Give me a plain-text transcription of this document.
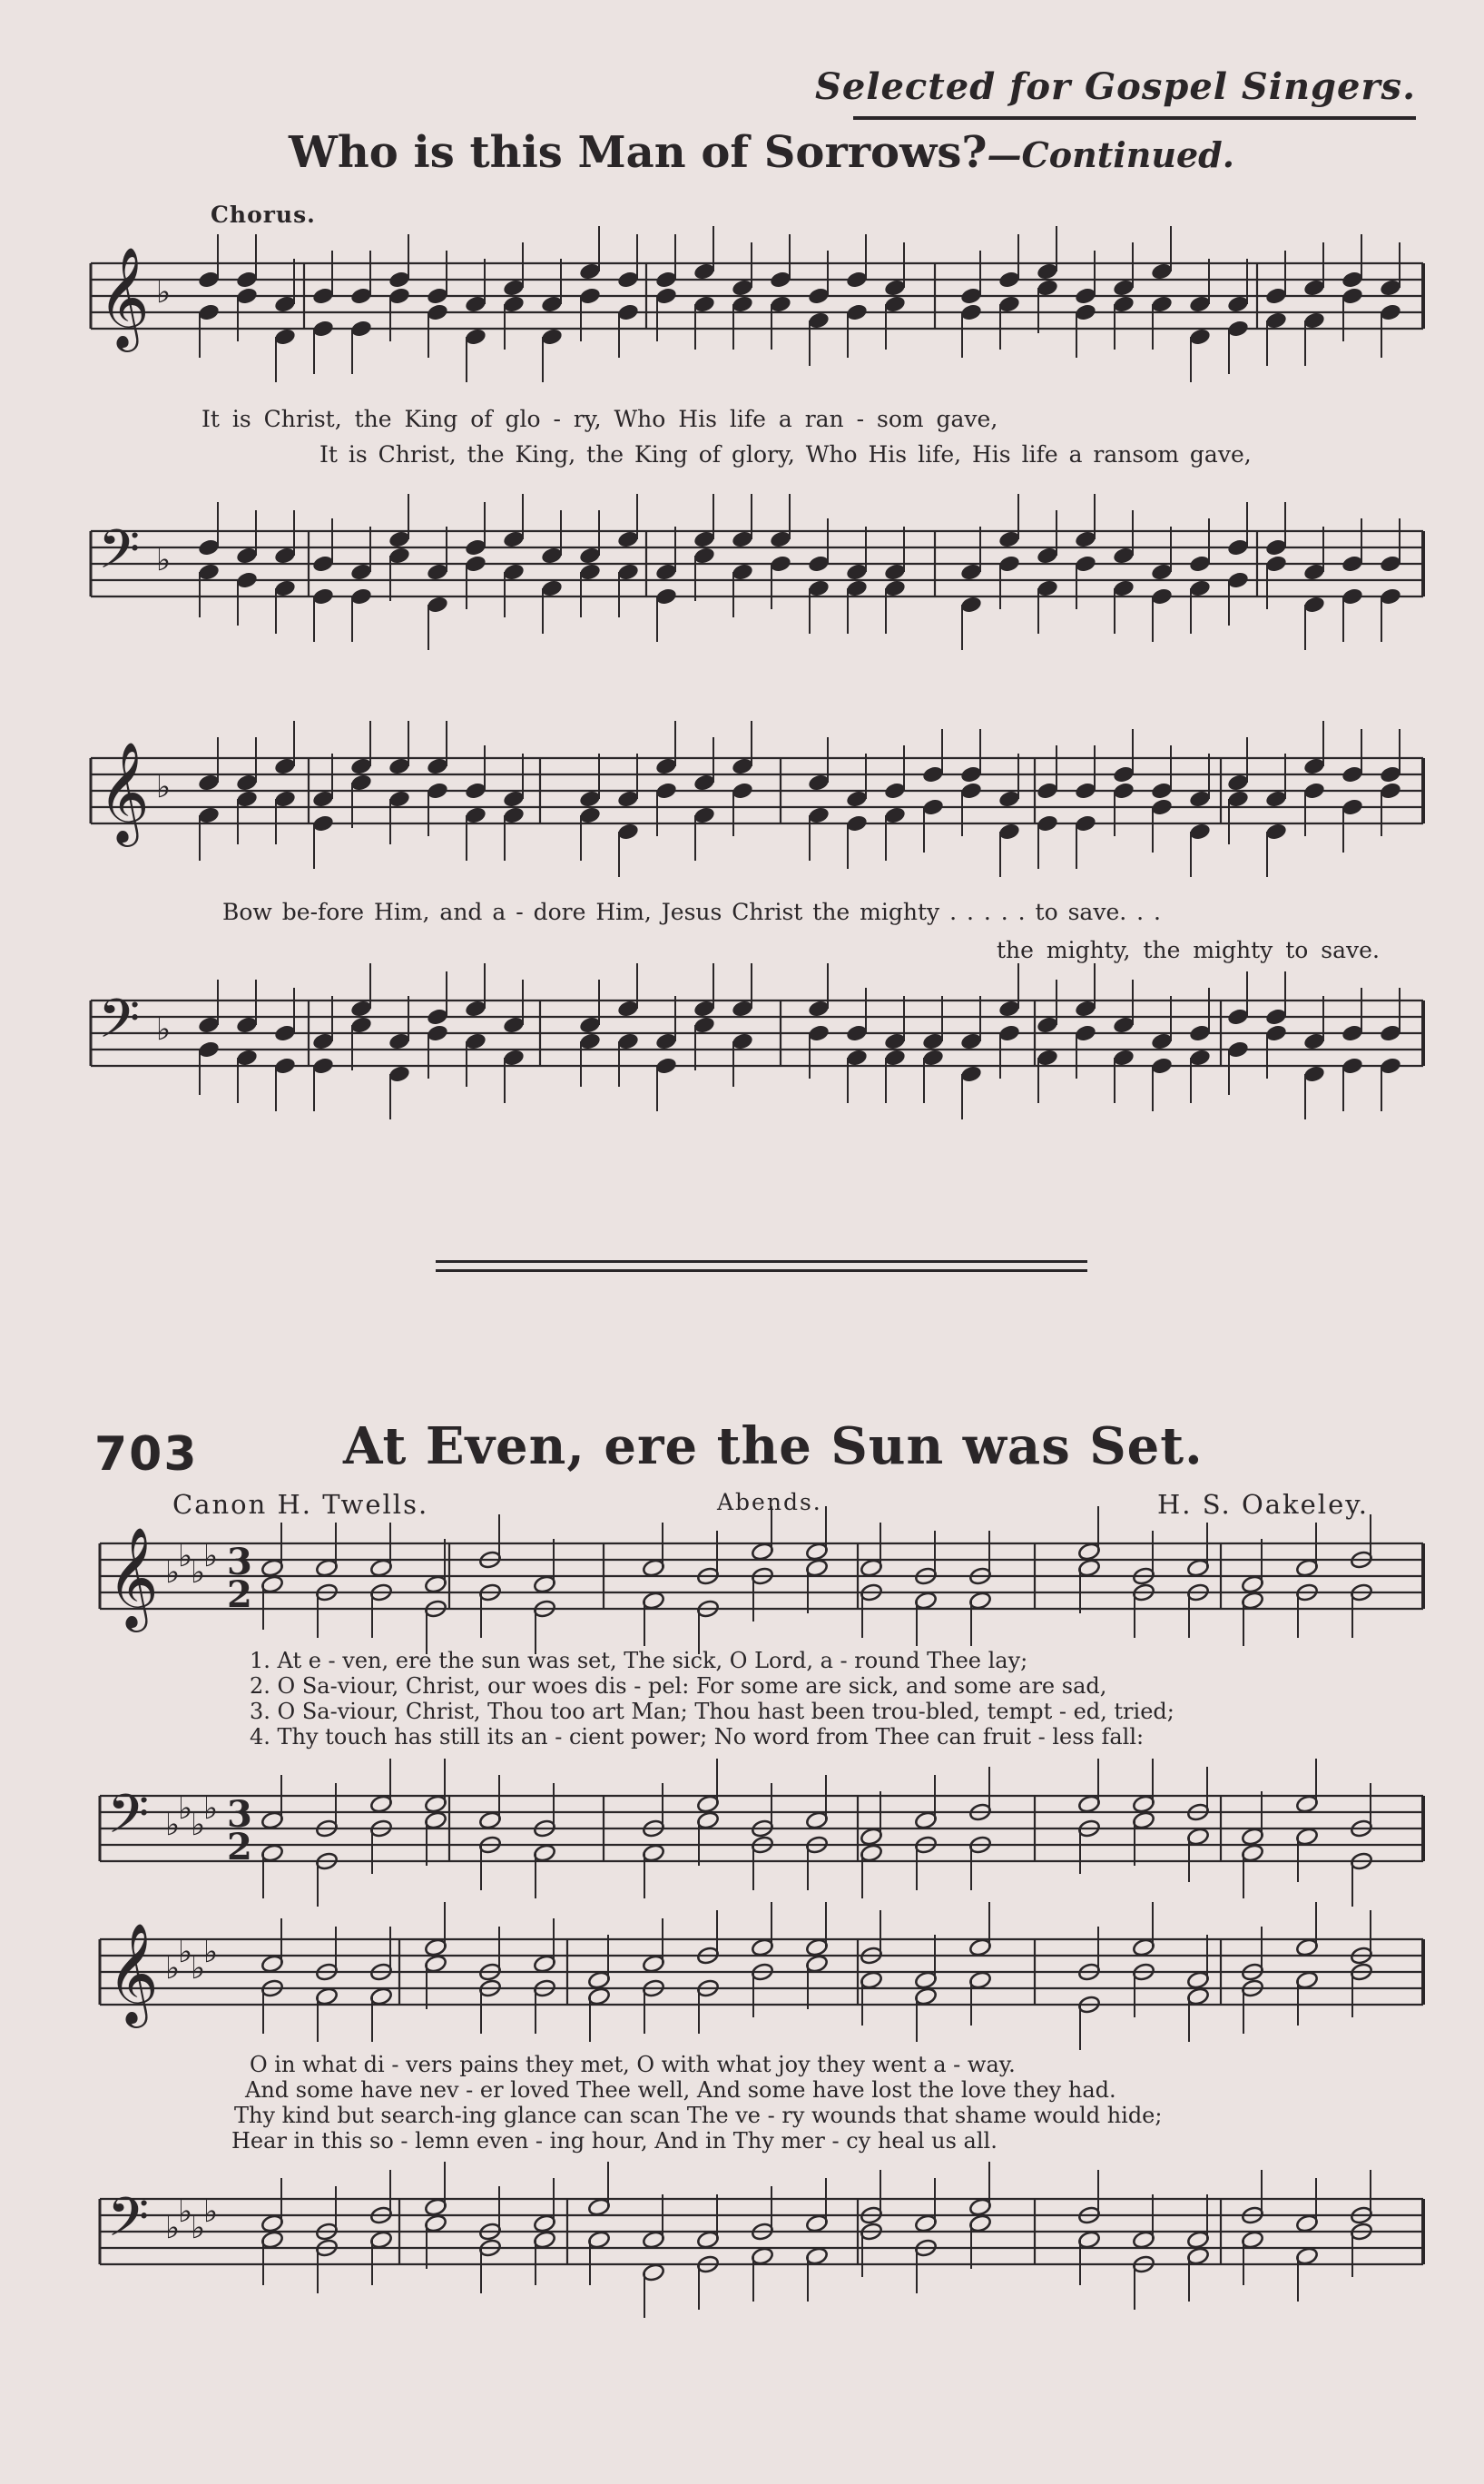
Selected for Gospel Singers.
Who is this Man of Sorrows?—Continued.
Chorus.
𝄞 ♭
𝄢 ♭
𝄞 ♭
𝄢 ♭
𝄞 ♭
♭
♭
♭ 3
2
𝄢 ♭
♭
♭
♭ 3
2
𝄞 ♭
♭
♭
♭
𝄢 ♭
♭
♭
♭
It is Christ, the King of glo - ry, Who His life a ran - som gave,
It is Christ, the King, the King of glory, Who His life, His life a ransom gave,
Bow be-fore Him, and a - dore Him, Jesus Christ the mighty . . . . . to save. . .
the mighty, the mighty to save.
703	At Even, ere the Sun was Set.
Canon H. Twells.	Abends.	H. S. Oakeley.
1. At e - ven, ere the sun was set, The sick, O Lord, a - round Thee lay;
2. O Sa-viour, Christ, our woes dis - pel: For some are sick, and some are sad,
3. O Sa-viour, Christ, Thou too art Man; Thou hast been trou-bled, tempt - ed, tried;
4. Thy touch has still its an - cient power; No word from Thee can fruit - less fall:
O in what di - vers pains they met, O with what joy they went a - way.
And some have nev - er loved Thee well, And some have lost the love they had.
Thy kind but search-ing glance can scan The ve - ry wounds that shame would hide;
Hear in this so - lemn even - ing hour, And in Thy mer - cy heal us all.
